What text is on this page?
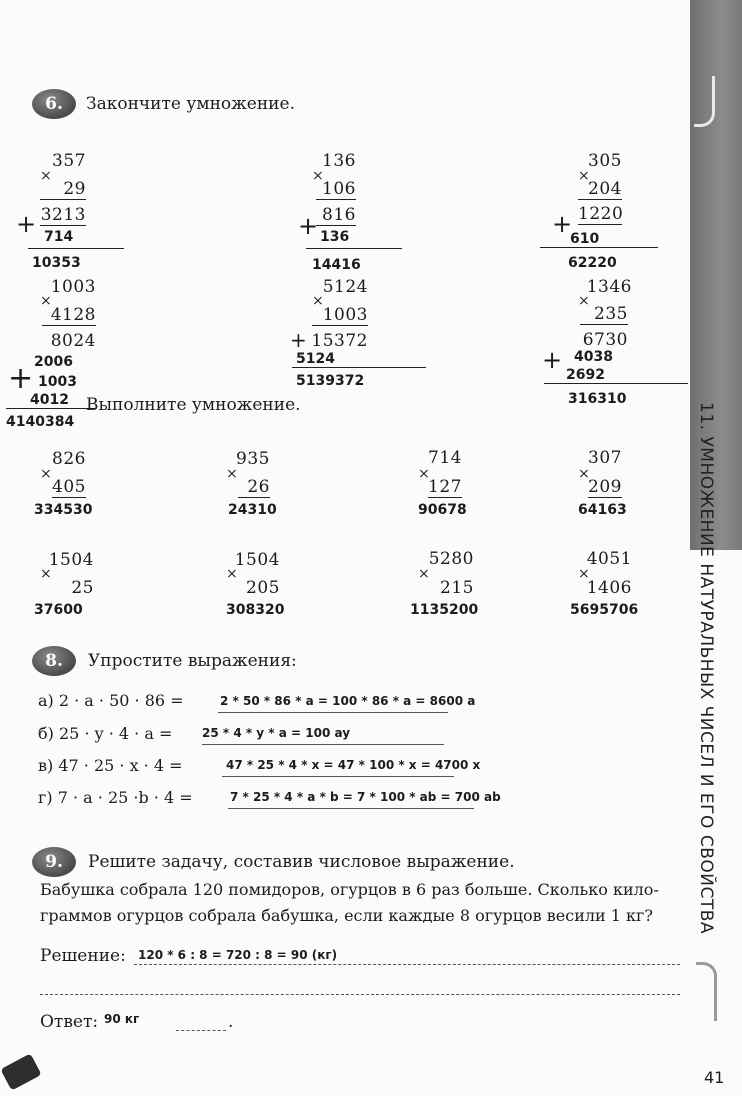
11. УМНОЖЕНИЕ НАТУРАЛЬНЫХ ЧИСЕЛ И ЕГО СВОЙСТВА
6.	Закончите умножение.
357
×
29
3213
+ 714
10353
136
×
106
816
+ 136
14416
305
×
204
1220
+
610
62220
1003
×
4128
8024
2006
+ 1003
4012
4140384
5124
×
1003
+ 15372
5124
5139372
1346
×
235
6730
+ 4038
2692
316310
Выполните умножение.
826
×
405
334530
935
×
26
24310
714
×
127
90678
307
×
209
64163
1504
×
25
37600
1504
×
205
308320
5280
×
215
1135200
4051
×
1406
5695706
8.	Упростите выражения:
а) 2 · a · 50 · 86 =	2 * 50 * 86 * a = 100 * 86 * a = 8600 a
б) 25 · y · 4 · a = 25 * 4 * y * a = 100 ay
в) 47 · 25 · x · 4 =	47 * 25 * 4 * x = 47 * 100 * x = 4700 x
г) 7 · a · 25 ·b · 4 =	7 * 25 * 4 * a * b = 7 * 100 * ab = 700 ab
9.	Решите задачу, составив числовое выражение.
Бабушка собрала 120 помидоров, огурцов в 6 раз больше. Сколько кило-
граммов огурцов собрала бабушка, если каждые 8 огурцов весили 1 кг?
Решение: 120 * 6 : 8 = 720 : 8 = 90 (кг)
Ответ: 90 кг	.
41
